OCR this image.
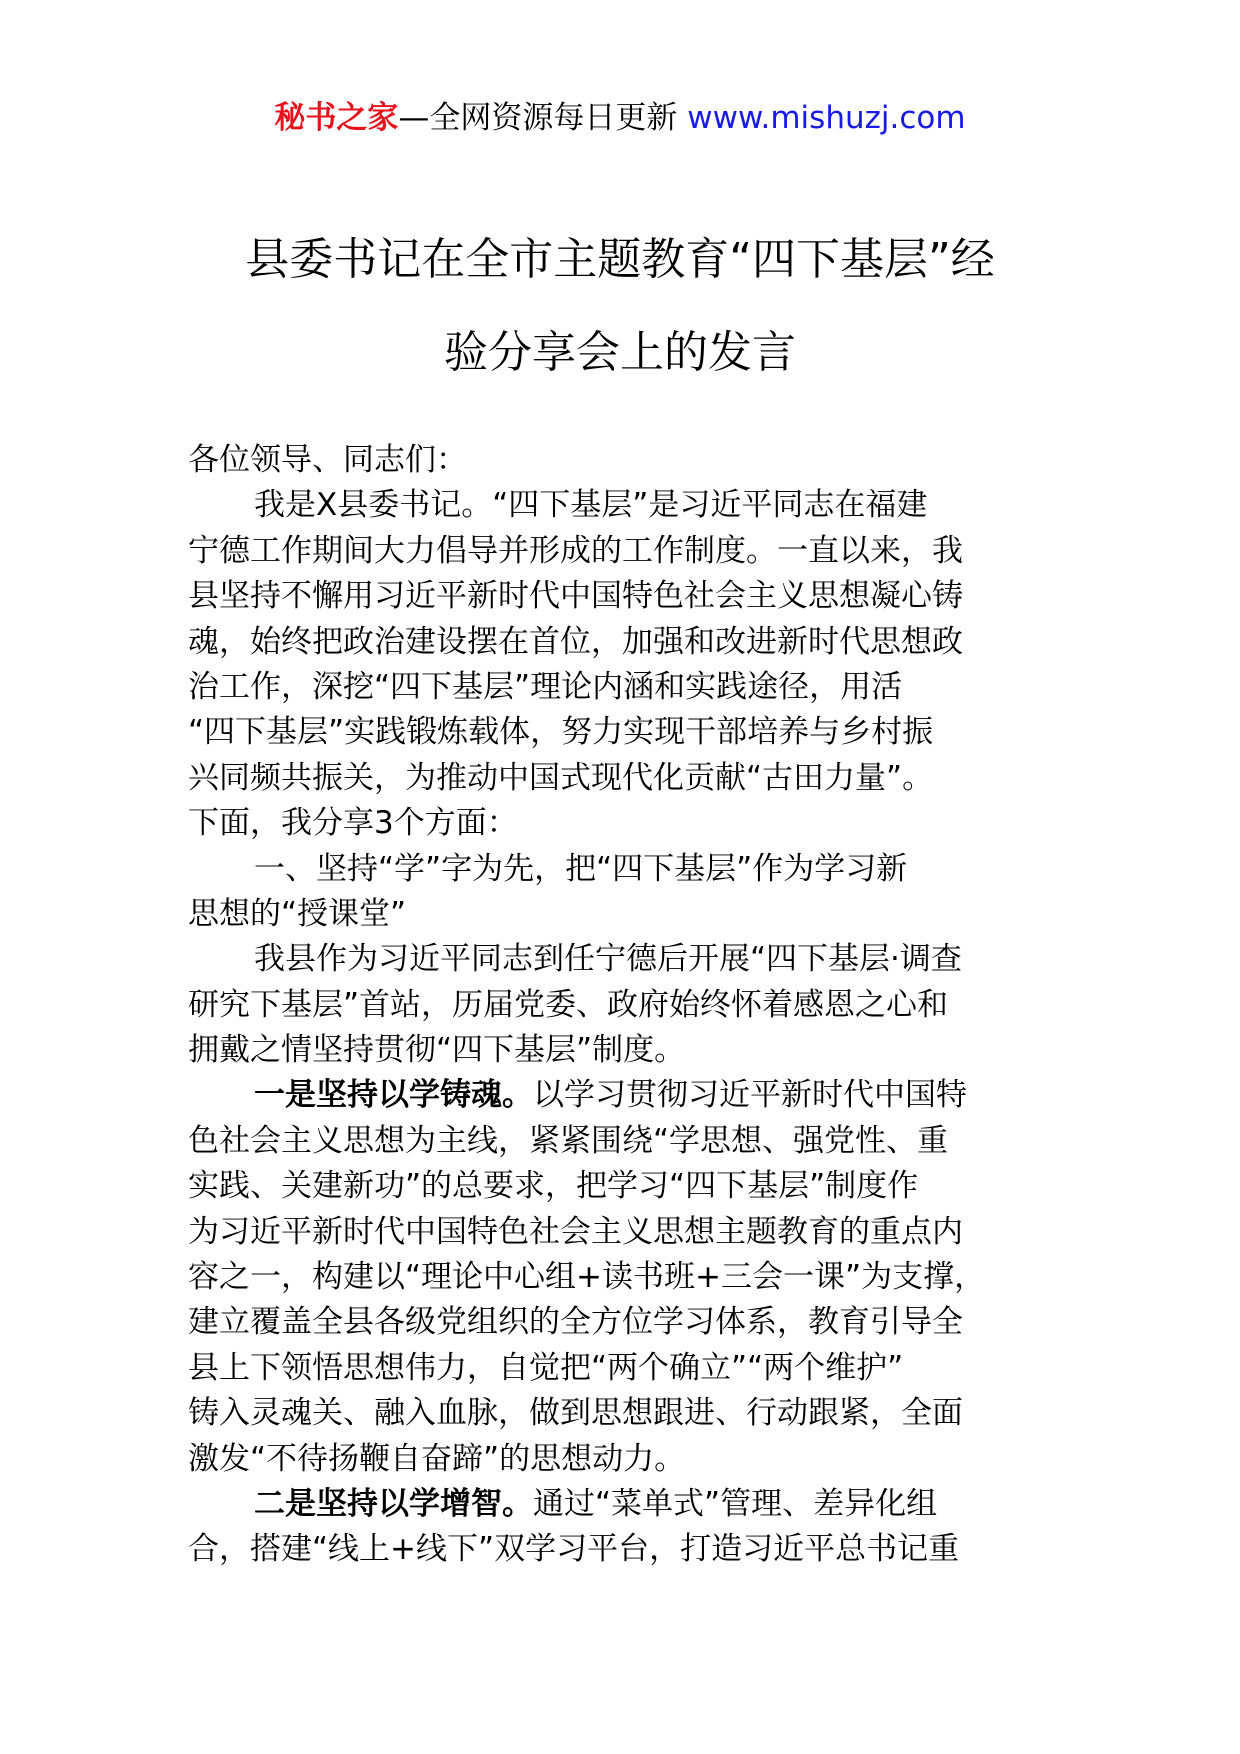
秘书之家—全网资源每日更新 www.mishuzj.com
县委书记在全市主题教育“四下基层”经
验分享会上的发言
各位领导、同志们：
我是X县委书记。“四下基层”是习近平同志在福建
宁德工作期间大力倡导并形成的工作制度。一直以来，我
县坚持不懈用习近平新时代中国特色社会主义思想凝心铸
魂，始终把政治建设摆在首位，加强和改进新时代思想政
治工作，深挖“四下基层”理论内涵和实践途径，用活
“四下基层”实践锻炼载体，努力实现干部培养与乡村振
兴同频共振关，为推动中国式现代化贡献“古田力量”。
下面，我分享3个方面：
一、坚持“学”字为先，把“四下基层”作为学习新
思想的“授课堂”
我县作为习近平同志到任宁德后开展“四下基层·调查
研究下基层”首站，历届党委、政府始终怀着感恩之心和
拥戴之情坚持贯彻“四下基层”制度。
一是坚持以学铸魂。以学习贯彻习近平新时代中国特
色社会主义思想为主线，紧紧围绕“学思想、强党性、重
实践、关建新功”的总要求，把学习“四下基层”制度作
为习近平新时代中国特色社会主义思想主题教育的重点内
容之一，构建以“理论中心组+读书班+三会一课”为支撑，
建立覆盖全县各级党组织的全方位学习体系，教育引导全
县上下领悟思想伟力，自觉把“两个确立”“两个维护”
铸入灵魂关、融入血脉，做到思想跟进、行动跟紧，全面
激发“不待扬鞭自奋蹄”的思想动力。
二是坚持以学增智。通过“菜单式”管理、差异化组
合，搭建“线上+线下”双学习平台，打造习近平总书记重
